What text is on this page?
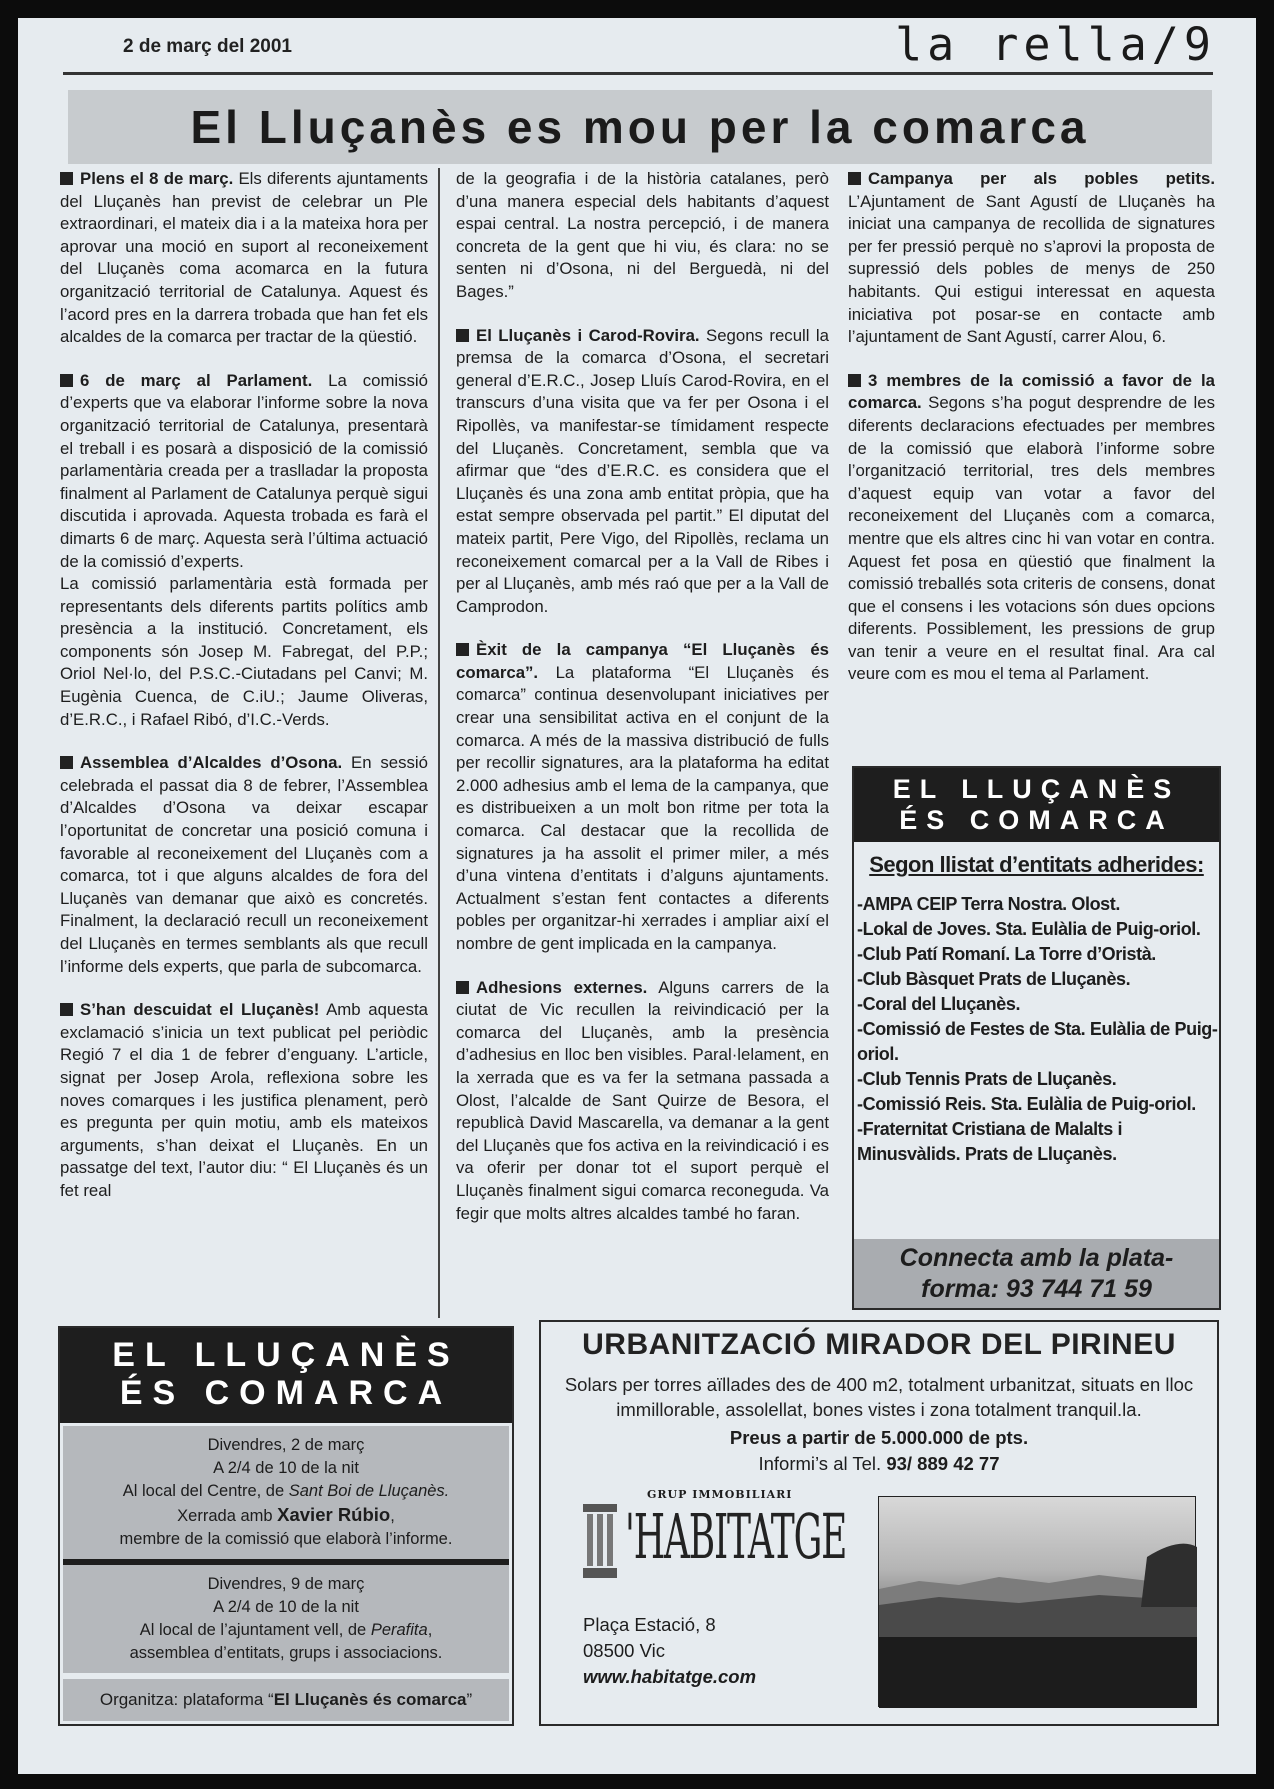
2 de març del 2001	la rella/9
El Lluçanès es mou per la comarca

Plens el 8 de març. Els diferents ajuntaments del Lluçanès han previst de celebrar un Ple extraordinari, el mateix dia i a la mateixa hora per aprovar una moció en suport al reconeixement del Lluçanès coma acomarca en la futura organització territorial de Catalunya. Aquest és l’acord pres en la darrera trobada que han fet els alcaldes de la comarca per tractar de la qüestió.

6 de març al Parlament. La comissió d’experts que va elaborar l’informe sobre la nova organització territorial de Catalunya, presentarà el treball i es posarà a disposició de la comissió parlamentària creada per a traslladar la proposta finalment al Parlament de Catalunya perquè sigui discutida i aprovada. Aquesta trobada es farà el dimarts 6 de març. Aquesta serà l’última actuació de la comissió d’experts.

La comissió parlamentària està formada per representants dels diferents partits polítics amb presència a la institució. Concretament, els components són Josep M. Fabregat, del P.P.; Oriol Nel·lo, del P.S.C.-Ciutadans pel Canvi; M. Eugènia Cuenca, de C.iU.; Jaume Oliveras, d’E.R.C., i Rafael Ribó, d’I.C.-Verds.

Assemblea d’Alcaldes d’Osona. En sessió celebrada el passat dia 8 de febrer, l’Assemblea d’Alcaldes d’Osona va deixar escapar l’oportunitat de concretar una posició comuna i favorable al reconeixement del Lluçanès com a comarca, tot i que alguns alcaldes de fora del Lluçanès van demanar que això es concretés. Finalment, la declaració recull un reconeixement del Lluçanès en termes semblants als que recull l’informe dels experts, que parla de subcomarca.

S’han descuidat el Lluçanès! Amb aquesta exclamació s’inicia un text publicat pel periòdic Regió 7 el dia 1 de febrer d’enguany. L’article, signat per Josep Arola, reflexiona sobre les noves comarques i les justifica plenament, però es pregunta per quin motiu, amb els mateixos arguments, s’han deixat el Lluçanès. En un passatge del text, l’autor diu: “ El Lluçanès és un fet real

de la geografia i de la història catalanes, però d’una manera especial dels habitants d’aquest espai central. La nostra percepció, i de manera concreta de la gent que hi viu, és clara: no se senten ni d’Osona, ni del Berguedà, ni del Bages.”

El Lluçanès i Carod-Rovira. Segons recull la premsa de la comarca d’Osona, el secretari general d’E.R.C., Josep Lluís Carod-Rovira, en el transcurs d’una visita que va fer per Osona i el Ripollès, va manifestar-se tímidament respecte del Lluçanès. Concretament, sembla que va afirmar que “des d’E.R.C. es considera que el Lluçanès és una zona amb entitat pròpia, que ha estat sempre observada pel partit.” El diputat del mateix partit, Pere Vigo, del Ripollès, reclama un reconeixement comarcal per a la Vall de Ribes i per al Lluçanès, amb més raó que per a la Vall de Camprodon.

Èxit de la campanya “El Lluçanès és comarca”. La plataforma “El Lluçanès és comarca” continua desenvolupant iniciatives per crear una sensibilitat activa en el conjunt de la comarca. A més de la massiva distribució de fulls per recollir signatures, ara la plataforma ha editat 2.000 adhesius amb el lema de la campanya, que es distribueixen a un molt bon ritme per tota la comarca. Cal destacar que la recollida de signatures ja ha assolit el primer miler, a més d’una vintena d’entitats i d’alguns ajuntaments. Actualment s’estan fent contactes a diferents pobles per organitzar-hi xerrades i ampliar així el nombre de gent implicada en la campanya.

Adhesions externes. Alguns carrers de la ciutat de Vic recullen la reivindicació per la comarca del Lluçanès, amb la presència d’adhesius en lloc ben visibles. Paral·lelament, en la xerrada que es va fer la setmana passada a Olost, l’alcalde de Sant Quirze de Besora, el republicà David Mascarella, va demanar a la gent del Lluçanès que fos activa en la reivindicació i es va oferir per donar tot el suport perquè el Lluçanès finalment sigui comarca reconeguda. Va fegir que molts altres alcaldes també ho faran.

Campanya per als pobles petits. L’Ajuntament de Sant Agustí de Lluçanès ha iniciat una campanya de recollida de signatures per fer pressió perquè no s’aprovi la proposta de supressió dels pobles de menys de 250 habitants. Qui estigui interessat en aquesta iniciativa pot posar-se en contacte amb l’ajuntament de Sant Agustí, carrer Alou, 6.

3 membres de la comissió a favor de la comarca. Segons s’ha pogut desprendre de les diferents declaracions efectuades per membres de la comissió que elaborà l’informe sobre l’organització territorial, tres dels membres d’aquest equip van votar a favor del reconeixement del Lluçanès com a comarca, mentre que els altres cinc hi van votar en contra. Aquest fet posa en qüestió que finalment la comissió treballés sota criteris de consens, donat que el consens i les votacions són dues opcions diferents. Possiblement, les pressions de grup van tenir a veure en el resultat final. Ara cal veure com es mou el tema al Parlament.

EL LLUÇANÈS
ÉS COMARCA
Segon llistat d’entitats adherides:
-AMPA CEIP Terra Nostra. Olost.
-Lokal de Joves. Sta. Eulàlia de Puig-oriol.
-Club Patí Romaní. La Torre d’Oristà.
-Club Bàsquet Prats de Lluçanès.
-Coral del Lluçanès.
-Comissió de Festes de Sta. Eulàlia de Puig-oriol.
-Club Tennis Prats de Lluçanès.
-Comissió Reis. Sta. Eulàlia de Puig-oriol.
-Fraternitat Cristiana de Malalts i Minusvàlids. Prats de Lluçanès.
Connecta amb la plata-
forma: 93 744 71 59
EL LLUÇANÈS
ÉS COMARCA
Divendres, 2 de març
A 2/4 de 10 de la nit
Al local del Centre, de Sant Boi de Lluçanès.
Xerrada amb Xavier Rúbio,
membre de la comissió que elaborà l’informe.
Divendres, 9 de març
A 2/4 de 10 de la nit
Al local de l’ajuntament vell, de Perafita,
assemblea d’entitats, grups i associacions.
Organitza: plataforma “El Lluçanès és comarca”
URBANITZACIÓ MIRADOR DEL PIRINEU
Solars per torres aïllades des de 400 m2, totalment urbanitzat, situats en lloc immillorable, assolellat, bones vistes i zona totalment tranquil.la.
Preus a partir de 5.000.000 de pts.
Informi’s al Tel. 93/ 889 42 77
GRUP IMMOBILIARI
'HABITATGE
Plaça Estació, 8
08500 Vic
www.habitatge.com
